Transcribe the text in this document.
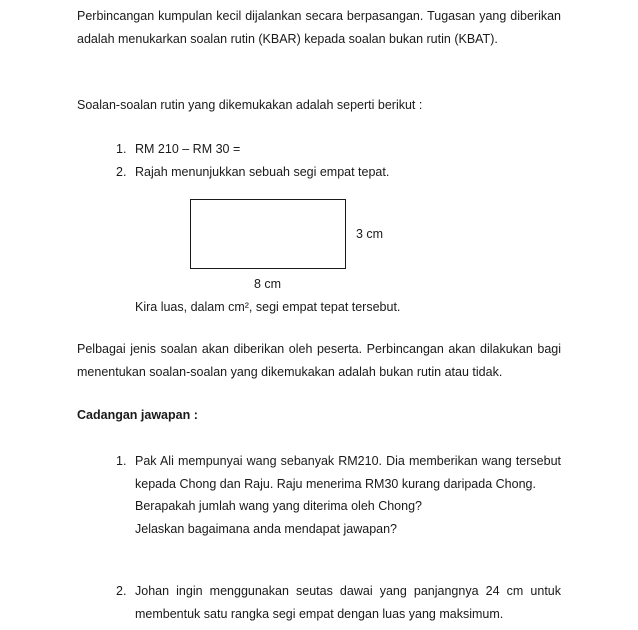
Perbincangan kumpulan kecil dijalankan secara berpasangan. Tugasan yang diberikan adalah menukarkan soalan rutin (KBAR) kepada soalan bukan rutin (KBAT).

Soalan-soalan rutin yang dikemukakan adalah seperti berikut :

1. RM 210 – RM 30 =
2. Rajah menunjukkan sebuah segi empat tepat.
3 cm
8 cm
Kira luas, dalam cm², segi empat tepat tersebut.

Pelbagai jenis soalan akan diberikan oleh peserta. Perbincangan akan dilakukan bagi menentukan soalan-soalan yang dikemukakan adalah bukan rutin atau tidak.

Cadangan jawapan :

1. Pak Ali mempunyai wang sebanyak RM210. Dia memberikan wang tersebut kepada Chong dan Raju. Raju menerima RM30 kurang daripada Chong.
Berapakah jumlah wang yang diterima oleh Chong?
Jelaskan bagaimana anda mendapat jawapan?
2. Johan ingin menggunakan seutas dawai yang panjangnya 24 cm untuk membentuk satu rangka segi empat dengan luas yang maksimum.
